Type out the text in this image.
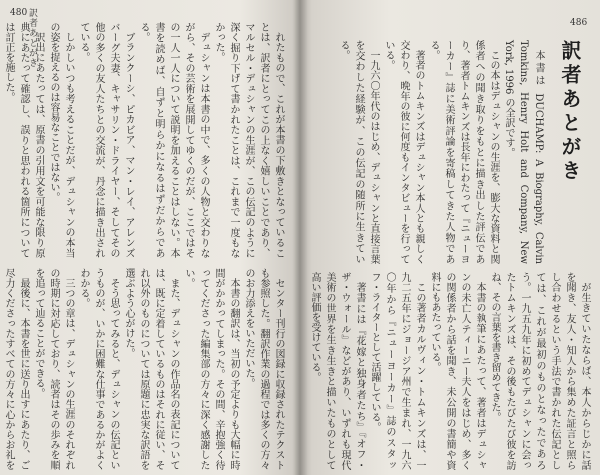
480 訳者あとがき	れたもので、これが本書の下敷きとなっていることは、訳者にとってこの上なく嬉しいことであり、マルセル・デュシャンの生涯が、この伝記のように深く掘り下げて書かれたことは、これまで一度もなかった。

デュシャンは本書の中で、多くの人物と交わりながら、その芸術を展開してゆくのだが、ここではその一人一人について説明を加えることはしない。本書を読めば、自ずと明らかになるはずだからである。

ブランクーシ、ピカビア、マン・レイ、アレンズバーグ夫妻、キャサリン・ドライヤー、そしてその他の多くの友人たちとの交流が、丹念に描き出されている。

しかしいつも考えることだが、デュシャンの本当の姿を捉えるのは容易なことではない。

訳出にあたっては、原書の引用文を可能な限り原典にあたって確認し、誤りと思われる箇所については訂正を施した。

センター刊行の図録に収録されたテクストも参照した。翻訳作業の過程では多くの方々のお力添えをいただいた。

本書の翻訳は、当初の予定よりも大幅に時間がかかってしまった。その間、辛抱強く待ってくださった編集部の方々に深く感謝したい。

また、デュシャンの作品名の表記については、既に定着しているものはそれに従い、それ以外のものについては原題に忠実な訳語を選ぶよう心がけた。

そう思ってみると、デュシャンの伝記というものが、いかに困難な仕事であるかがよくわかる。

三つの章は、デュシャンの生涯のそれぞれの時期に対応しており、読者はその歩みを順を追って辿ることができる。

最後に、本書を世に送り出すにあたり、ご尽力くださったすべての方々に心からお礼を

486
訳者あとがき

本書は DUCHAMP: A Biography, Calvin Tomkins, Henry Holt and Company, New York, 1996 の全訳です。

この本はデュシャンの生涯を、膨大な資料と関係者への聞き取りをもとに描き出した評伝であり、著者トムキンズは長年にわたって『ニューヨーカー』誌に美術評論を寄稿してきた人物である。

著者のトムキンズはデュシャン本人とも親しく交わり、晩年の彼に何度もインタビューを行っている。

一九六〇年代のはじめ、デュシャンと直接言葉を交わした経験が、この伝記の随所に生きている。

が生きていたならば、本人からじかに話を聞き、友人・知人から集めた証言と照らし合わせるという手法で書かれた伝記としては、これが最初のものとなったであろう。一九五九年に初めてデュシャンに会ったトムキンズは、その後もたびたび彼を訪ね、その言葉を書き留めてきた。

本書の執筆にあたって、著者はデュシャンの未亡人ティーニー夫人をはじめ、多くの関係者から話を聞き、未公開の書簡や資料にもあたっている。

この著者カルヴィン・トムキンズは、一九二五年にジョージア州で生まれ、一九六〇年から『ニューヨーカー』誌のスタッフ・ライターとして活躍している。

著書には『花嫁と独身者たち』『オフ・ザ・ウォール』などがあり、いずれも現代美術の世界を生き生きと描いたものとして高い評価を受けている。
